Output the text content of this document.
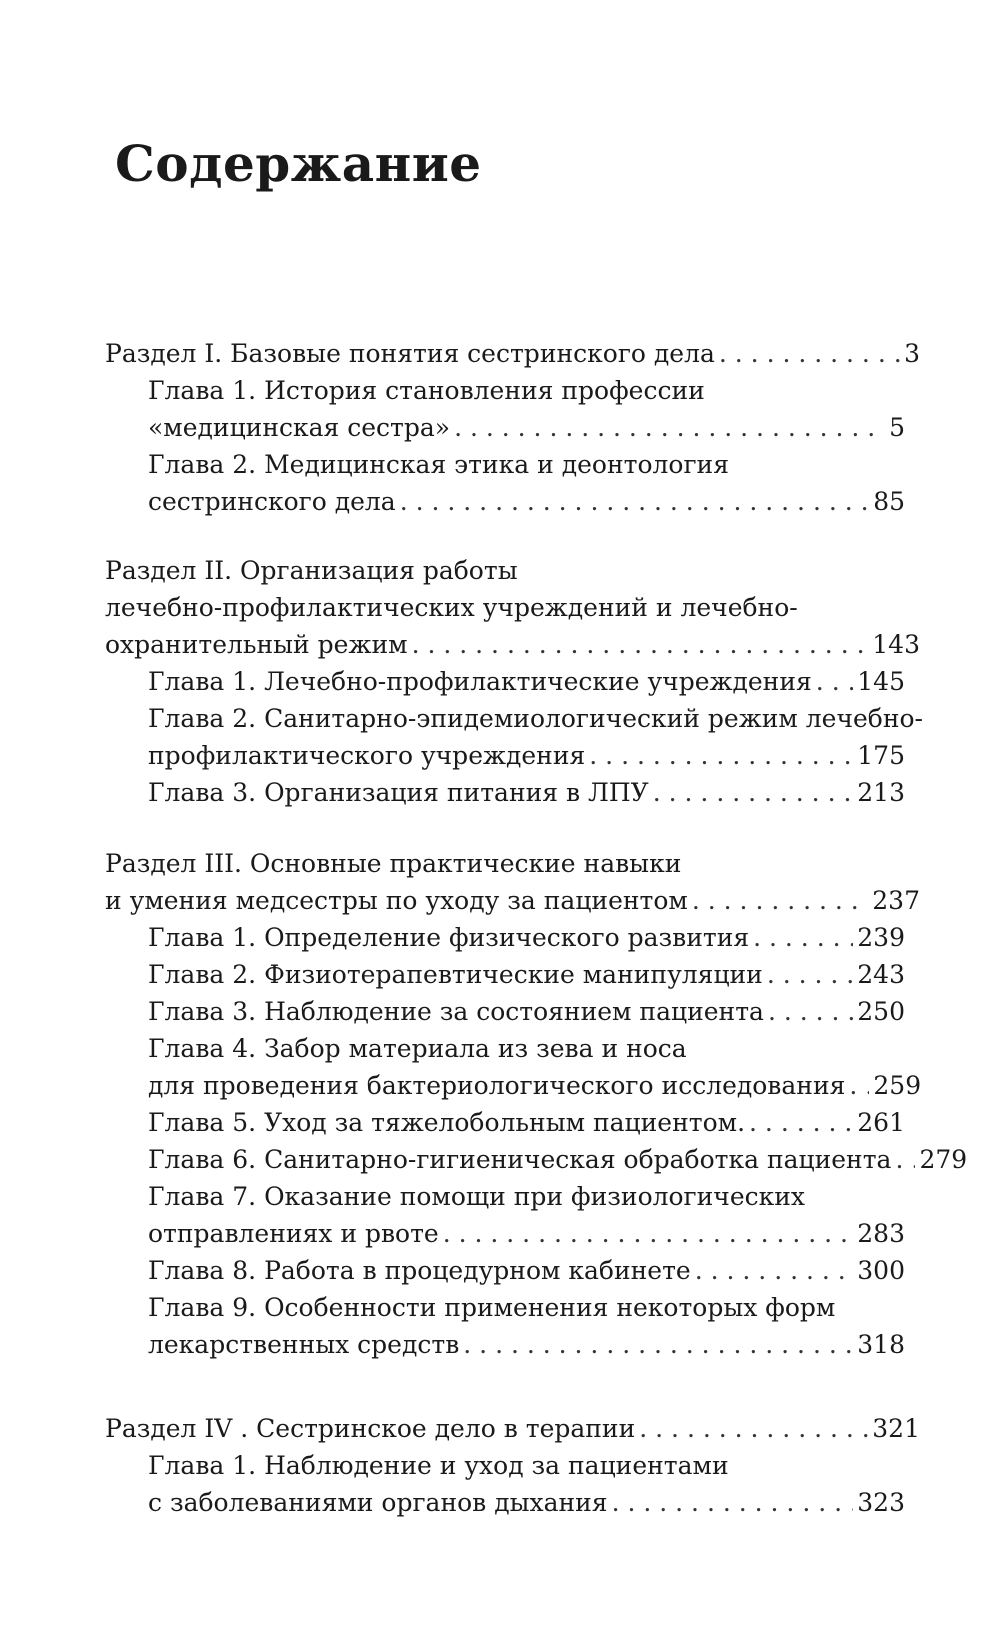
Содержание
Раздел I. Базовые понятия сестринского дела . . .	3
Глава 1. История становления профессии
«медицинская сестра» . . .	5
Глава 2. Медицинская этика и деонтология
сестринского дела . . .	85
Раздел II. Организация работы
лечебно-профилактических учреждений и лечебно-
охранительный режим . . .	143
Глава 1. Лечебно-профилактические учреждения . . . 145
Глава 2. Санитарно-эпидемиологический режим лечебно-
профилактического учреждения . . .	175
Глава 3. Организация питания в ЛПУ . . .	213
Раздел III. Основные практические навыки
и умения медсестры по уходу за пациентом . . .	237
Глава 1. Определение физического развития . . .	239
Глава 2. Физиотерапевтические манипуляции . . .	243
Глава 3. Наблюдение за состоянием пациента . . .	250
Глава 4. Забор материала из зева и носа
для проведения бактериологического исследования . . . 259
Глава 5. Уход за тяжелобольным пациентом. . . .	261
Глава 6. Санитарно-гигиеническая обработка пациента . . . 279
Глава 7. Оказание помощи при физиологических
отправлениях и рвоте . . .	283
Глава 8. Работа в процедурном кабинете . . .	300
Глава 9. Особенности применения некоторых форм
лекарственных средств . . .	318
Раздел IV . Сестринское дело в терапии . . .	321
Глава 1. Наблюдение и уход за пациентами
с заболеваниями органов дыхания . . .	323
